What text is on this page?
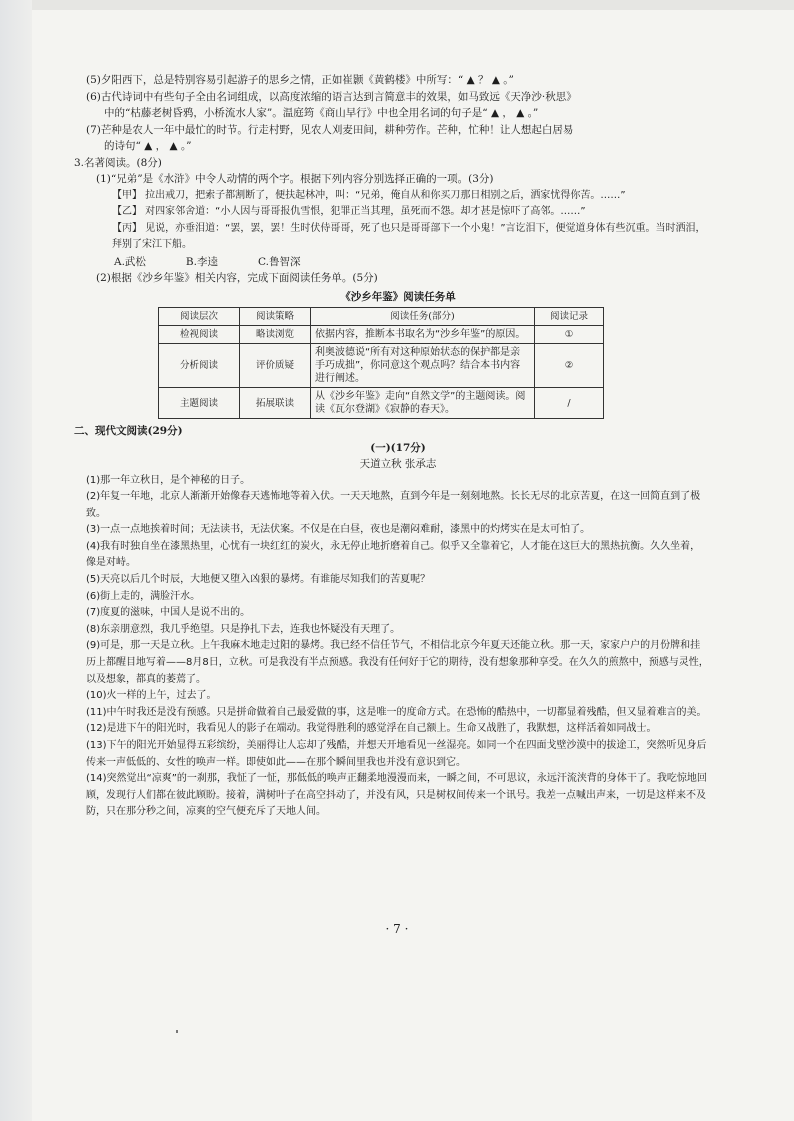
(5)夕阳西下，总是特别容易引起游子的思乡之情，正如崔颢《黄鹤楼》中所写：“ ▲ ？ ▲ 。”
(6)古代诗词中有些句子全由名词组成，以高度浓缩的语言达到言简意丰的效果，如马致远《天净沙·秋思》
中的“枯藤老树昏鸦，小桥流水人家”。温庭筠《商山早行》中也全用名词的句子是“ ▲ ， ▲ 。”
(7)芒种是农人一年中最忙的时节。行走村野，见农人刈麦田间，耕种劳作。芒种，忙种！让人想起白居易
的诗句“ ▲ ， ▲ 。”
3.名著阅读。(8分)
(1)“兄弟”是《水浒》中令人动情的两个字。根据下列内容分别选择正确的一项。(3分)
【甲】 拉出戒刀，把索子都割断了，便扶起林冲，叫：“兄弟，俺自从和你买刀那日相别之后，洒家忧得你苦。……”
【乙】 对四家邻舍道：“小人因与哥哥报仇雪恨，犯罪正当其理，虽死而不怨。却才甚是惊吓了高邻。……”
【丙】 见说，亦垂泪道：“罢，罢，罢！生时伏侍哥哥，死了也只是哥哥部下一个小鬼！”言讫泪下，便觉道身体有些沉重。当时洒泪，拜别了宋江下船。
A.武松	B.李逵	C.鲁智深
(2)根据《沙乡年鉴》相关内容，完成下面阅读任务单。(5分)
《沙乡年鉴》阅读任务单
阅读层次	阅读策略	阅读任务(部分)	阅读记录
检视阅读	略读浏览	依据内容，推断本书取名为“沙乡年鉴”的原因。	①
分析阅读	评价质疑	利奥波德说“所有对这种原始状态的保护都是亲手巧成拙”，你同意这个观点吗？结合本书内容进行阐述。	②
主题阅读	拓展联读	从《沙乡年鉴》走向“自然文学”的主题阅读。阅读《瓦尔登湖》《寂静的春天》。	/
二、现代文阅读(29分)
(一)(17分)
天道立秋 张承志
(1)那一年立秋日，是个神秘的日子。
(2)年复一年地，北京人渐渐开始像春天逃怖地等着入伏。一天天地熬，直到今年是一刻刻地熬。长长无尽的北京苦夏，在这一回简直到了极致。
(3)一点一点地挨着时间；无法读书，无法伏案。不仅是在白昼，夜也是潮闷难耐，漆黑中的灼烤实在是太可怕了。
(4)我有时独自坐在漆黑热里，心忧有一块红红的炭火，永无停止地折磨着自己。似乎又全靠着它，人才能在这巨大的黑热抗衡。久久坐着，像是对峙。
(5)天亮以后几个时辰，大地便又堕入凶狠的暴烤。有谁能尽知我们的苦夏呢？
(6)街上走的，满脸汗水。
(7)度夏的滋味，中国人是说不出的。
(8)东亲朋意烈，我几乎绝望。只是挣扎下去，连我也怀疑没有天理了。
(9)可是，那一天是立秋。上午我麻木地走过阳的暴烤。我已经不信任节气，不相信北京今年夏天还能立秋。那一天，家家户户的月份牌和挂历上都醒目地写着——8月8日，立秋。可是我没有半点预感。我没有任何好于它的期待，没有想象那种享受。在久久的煎熬中，预感与灵性，以及想象，都真的萎蔫了。
(10)火一样的上午，过去了。
(11)中午时我还是没有预感。只是拼命做着自己最爱做的事，这是唯一的度命方式。在恐怖的酷热中，一切都显着残酷，但又显着难言的美。
(12)是进下午的阳光时，我看见人的影子在端动。我觉得胜利的感觉浮在自己额上。生命又战胜了，我默想，这样活着如同战士。
(13)下午的阳光开始显得五彩缤纷，美丽得让人忘却了残酷，并想天开地看见一丝湿亮。如同一个在四面戈壁沙漠中的拔途工，突然听见身后传来一声低低的、女性的唤声一样。即使如此——在那个瞬间里我也并没有意识到它。
(14)突然觉出“凉爽”的一刹那，我怔了一怔，那低低的唤声正翻柔地漫漫而来，一瞬之间，不可思议，永远汗流浃背的身体干了。我吃惊地回顾，发现行人们都在彼此顾盼。接着，满树叶子在高空抖动了，并没有风，只是树权间传来一个讯号。我差一点喊出声来，一切是这样来不及防，只在那分秒之间，凉爽的空气便充斥了天地人间。
· 7 ·
